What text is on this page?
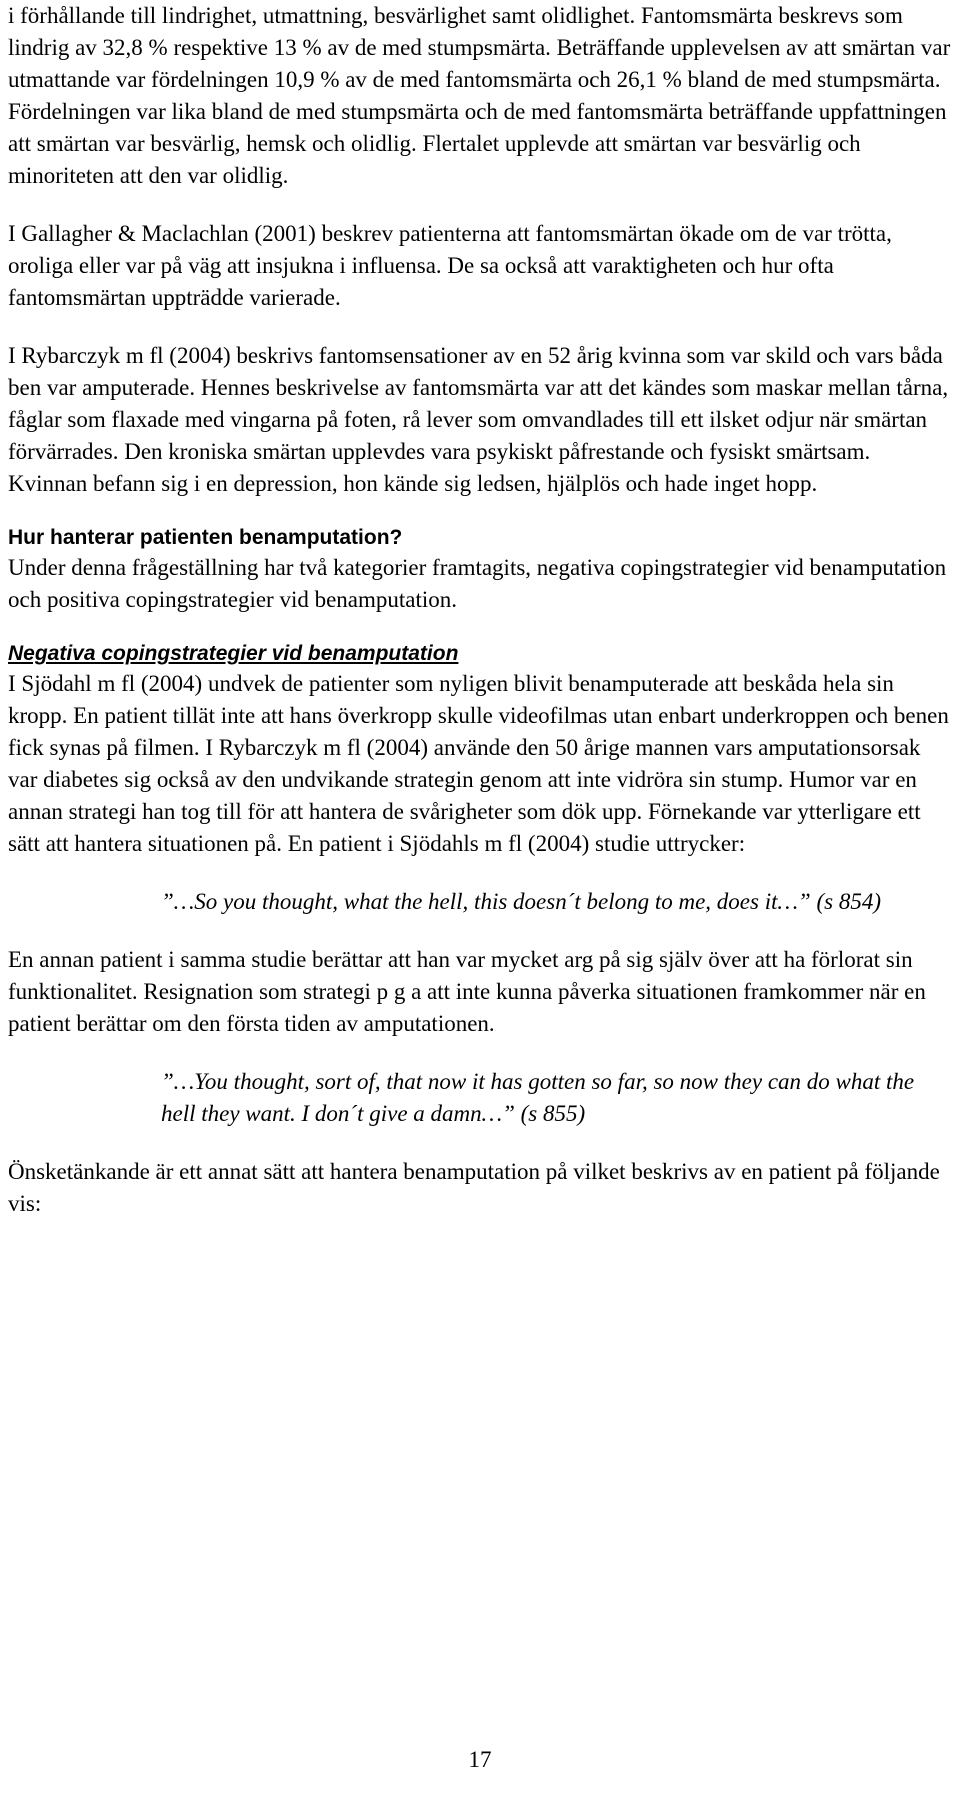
i förhållande till lindrighet, utmattning, besvärlighet samt olidlighet. Fantomsmärta beskrevs som lindrig av 32,8 % respektive 13 % av de med stumpsmärta. Beträffande upplevelsen av att smärtan var utmattande var fördelningen 10,9 % av de med fantomsmärta och 26,1 % bland de med stumpsmärta. Fördelningen var lika bland de med stumpsmärta och de med fantomsmärta beträffande uppfattningen att smärtan var besvärlig, hemsk och olidlig. Flertalet upplevde att smärtan var besvärlig och minoriteten att den var olidlig.

I Gallagher & Maclachlan (2001) beskrev patienterna att fantomsmärtan ökade om de var trötta, oroliga eller var på väg att insjukna i influensa. De sa också att varaktigheten och hur ofta fantomsmärtan uppträdde varierade.

I Rybarczyk m fl (2004) beskrivs fantomsensationer av en 52 årig kvinna som var skild och vars båda ben var amputerade. Hennes beskrivelse av fantomsmärta var att det kändes som maskar mellan tårna, fåglar som flaxade med vingarna på foten, rå lever som omvandlades till ett ilsket odjur när smärtan förvärrades. Den kroniska smärtan upplevdes vara psykiskt påfrestande och fysiskt smärtsam. Kvinnan befann sig i en depression, hon kände sig ledsen, hjälplös och hade inget hopp.

Hur hanterar patienten benamputation?

Under denna frågeställning har två kategorier framtagits, negativa copingstrategier vid benamputation och positiva copingstrategier vid benamputation.

Negativa copingstrategier vid benamputation

I Sjödahl m fl (2004) undvek de patienter som nyligen blivit benamputerade att beskåda hela sin kropp. En patient tillät inte att hans överkropp skulle videofilmas utan enbart underkroppen och benen fick synas på filmen. I Rybarczyk m fl (2004) använde den 50 årige mannen vars amputationsorsak var diabetes sig också av den undvikande strategin genom att inte vidröra sin stump. Humor var en annan strategi han tog till för att hantera de svårigheter som dök upp. Förnekande var ytterligare ett sätt att hantera situationen på. En patient i Sjödahls m fl (2004) studie uttrycker:

”…So you thought, what the hell, this doesn´t belong to me, does it…” (s 854)

En annan patient i samma studie berättar att han var mycket arg på sig själv över att ha förlorat sin funktionalitet. Resignation som strategi p g a att inte kunna påverka situationen framkommer när en patient berättar om den första tiden av amputationen.

”…You thought, sort of, that now it has gotten so far, so now they can do what the hell they want. I don´t give a damn…” (s 855)

Önsketänkande är ett annat sätt att hantera benamputation på vilket beskrivs av en patient på följande vis:

17
